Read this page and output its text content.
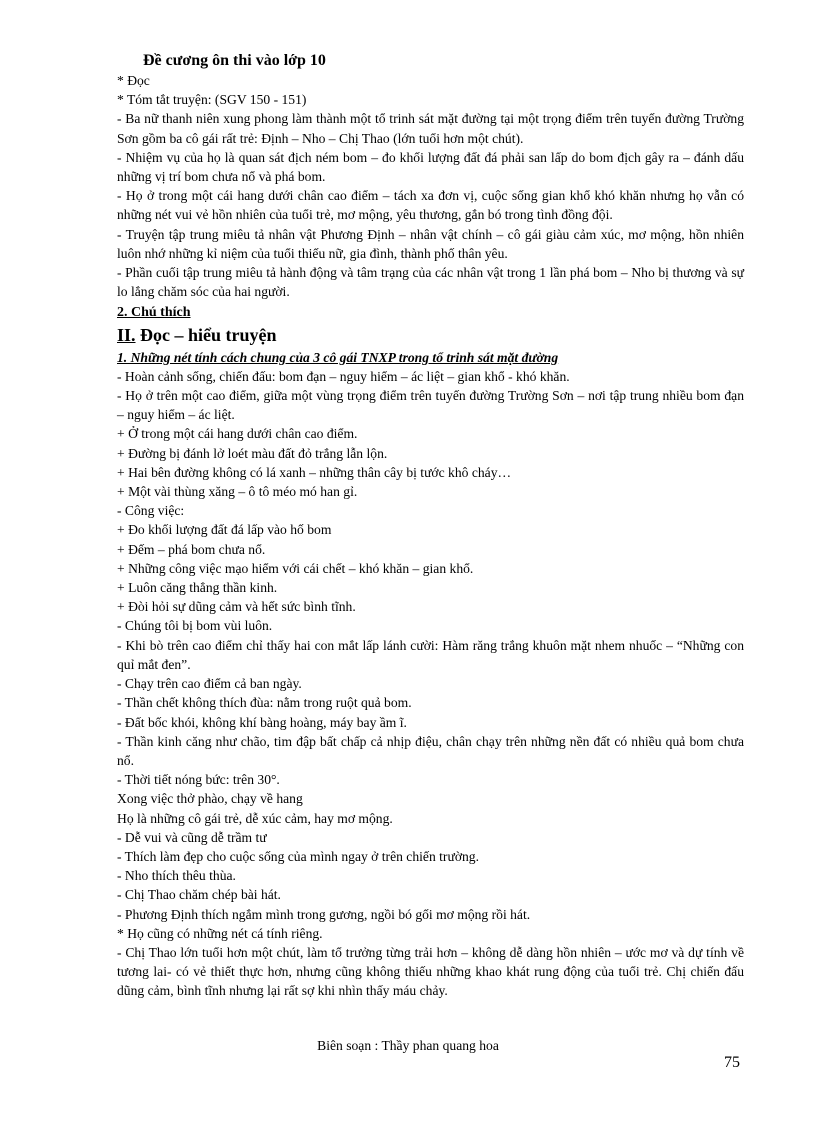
Đề cương ôn thi vào lớp 10

* Đọc

* Tóm tắt truyện: (SGV 150 - 151)

- Ba nữ thanh niên xung phong làm thành một tổ trinh sát mặt đường tại một trọng điểm trên tuyến đường Trường Sơn gồm ba cô gái rất trẻ: Định – Nho – Chị Thao (lớn tuổi hơn một chút).

- Nhiệm vụ của họ là quan sát địch ném bom – đo khối lượng đất đá phải san lấp do bom địch gây ra – đánh dấu những vị trí bom chưa nổ và phá bom.

- Họ ở trong một cái hang dưới chân cao điểm – tách xa đơn vị, cuộc sống gian khổ khó khăn nhưng họ vẫn có những nét vui vẻ hồn nhiên của tuổi trẻ, mơ mộng, yêu thương, gắn bó trong tình đồng đội.

- Truyện tập trung miêu tả nhân vật Phương Định – nhân vật chính – cô gái giàu cảm xúc, mơ mộng, hồn nhiên luôn nhớ những kỉ niệm của tuổi thiếu nữ, gia đình, thành phố thân yêu.

- Phần cuối tập trung miêu tả hành động và tâm trạng của các nhân vật trong 1 lần phá bom – Nho bị thương và sự lo lắng chăm sóc của hai người.

2. Chú thích

II. Đọc – hiểu truyện

1. Những nét tính cách chung của 3 cô gái TNXP trong tổ trinh sát mặt đường

- Hoàn cảnh sống, chiến đấu: bom đạn – nguy hiểm – ác liệt – gian khổ - khó khăn.

- Họ ở trên một cao điểm, giữa một vùng trọng điểm trên tuyến đường Trường Sơn – nơi tập trung nhiều bom đạn – nguy hiểm – ác liệt.

+ Ở trong một cái hang dưới chân cao điểm.

+ Đường bị đánh lở loét màu đất đỏ trắng lẫn lộn.

+ Hai bên đường không có lá xanh – những thân cây bị tước khô cháy…

+ Một vài thùng xăng – ô tô méo mó han gỉ.

- Công việc:

+ Đo khối lượng đất đá lấp vào hố bom

+ Đếm – phá bom chưa nổ.

+ Những công việc mạo hiểm với cái chết – khó khăn – gian khổ.

+ Luôn căng thẳng thần kinh.

+ Đòi hỏi sự dũng cảm và hết sức bình tĩnh.

- Chúng tôi bị bom vùi luôn.

- Khi bò trên cao điểm chỉ thấy hai con mắt lấp lánh cười: Hàm răng trắng khuôn mặt nhem nhuốc – “Những con quỉ mắt đen”.

- Chạy trên cao điểm cả ban ngày.

- Thần chết không thích đùa: nằm trong ruột quả bom.

- Đất bốc khói, không khí bàng hoàng, máy bay ầm ĩ.

- Thần kinh căng như chão, tim đập bất chấp cả nhịp điệu, chân chạy trên những nền đất có nhiều quả bom chưa nổ.

- Thời tiết nóng bức: trên 30°.

Xong việc thở phào, chạy về hang

Họ là những cô gái trẻ, dễ xúc cảm, hay mơ mộng.

- Dễ vui và cũng dễ trầm tư

- Thích làm đẹp cho cuộc sống của mình ngay ở trên chiến trường.

- Nho thích thêu thùa.

- Chị Thao chăm chép bài hát.

- Phương Định thích ngắm mình trong gương, ngồi bó gối mơ mộng rồi hát.

* Họ cũng có những nét cá tính riêng.

- Chị Thao lớn tuổi hơn một chút, làm tổ trưởng từng trải hơn – không dễ dàng hồn nhiên – ước mơ và dự tính về tương lai- có vẻ thiết thực hơn, nhưng cũng không thiếu những khao khát rung động của tuổi trẻ. Chị chiến đấu dũng cảm, bình tĩnh nhưng lại rất sợ khi nhìn thấy máu chảy.

Biên soạn : Thầy phan quang hoa
75
